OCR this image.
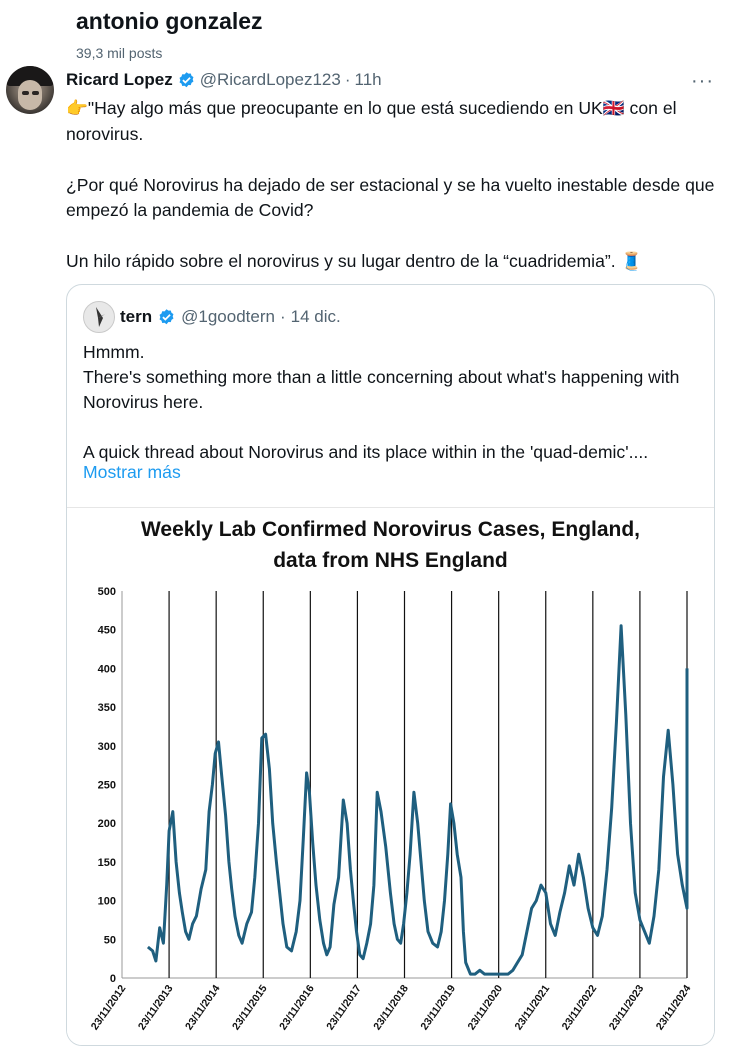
antonio gonzalez
39,3 mil posts
Ricard Lopez @RicardLopez123 · 11h	···
👉"Hay algo más que preocupante en lo que está sucediendo en UK🇬🇧 con el norovirus.

¿Por qué Norovirus ha dejado de ser estacional y se ha vuelto inestable desde que empezó la pandemia de Covid?

Un hilo rápido sobre el norovirus y su lugar dentro de la “cuadridemia”. 🧵
tern @1goodtern · 14 dic.
Hmmm.
There's something more than a little concerning about what's happening with Norovirus here.

A quick thread about Norovirus and its place within in the 'quad-demic'....
Mostrar más
Weekly Lab Confirmed Norovirus Cases, England,
data from NHS England
0
50
100
150
200
250
300
350
400
450
500
23/11/2012 23/11/2013 23/11/2014 23/11/2015 23/11/2016 23/11/2017 23/11/2018 23/11/2019 23/11/2020 23/11/2021 23/11/2022 23/11/2023 23/11/2024
